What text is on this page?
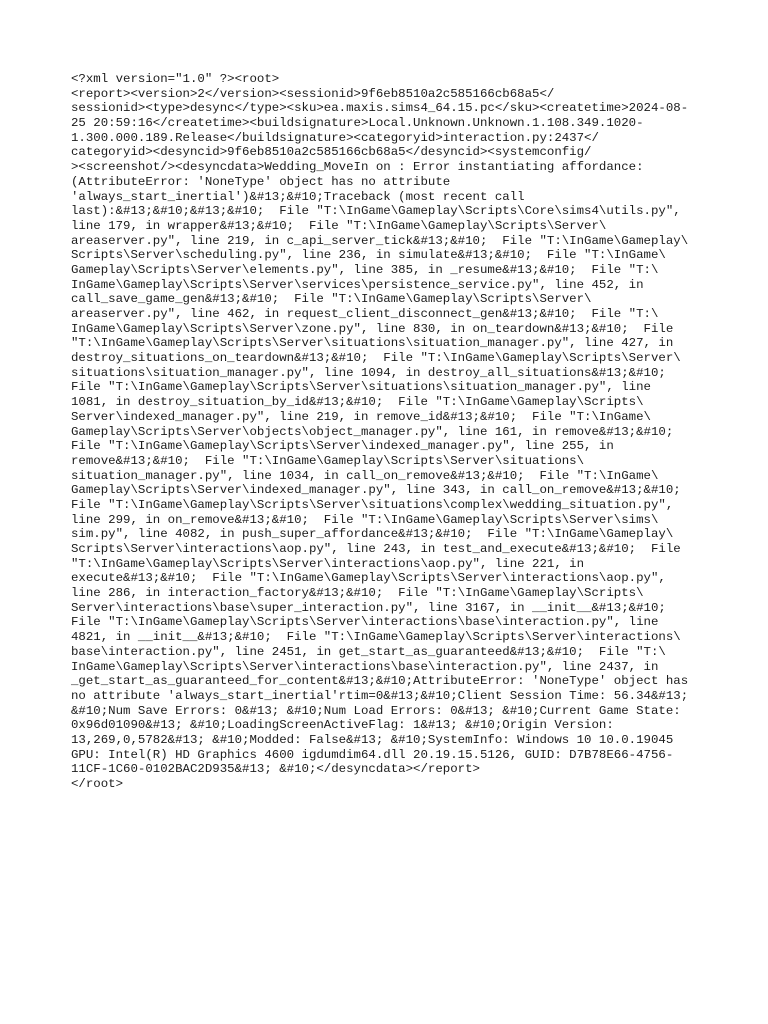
<?xml version="1.0" ?><root>
<report><version>2</version><sessionid>9f6eb8510a2c585166cb68a5</
sessionid><type>desync</type><sku>ea.maxis.sims4_64.15.pc</sku><createtime>2024-08-
25 20:59:16</createtime><buildsignature>Local.Unknown.Unknown.1.108.349.1020-
1.300.000.189.Release</buildsignature><categoryid>interaction.py:2437</
categoryid><desyncid>9f6eb8510a2c585166cb68a5</desyncid><systemconfig/
><screenshot/><desyncdata>Wedding_MoveIn on : Error instantiating affordance:
(AttributeError: 'NoneType' object has no attribute
'always_start_inertial')&#13;&#10;Traceback (most recent call
last):&#13;&#10;&#13;&#10;  File "T:\InGame\Gameplay\Scripts\Core\sims4\utils.py",
line 179, in wrapper&#13;&#10;  File "T:\InGame\Gameplay\Scripts\Server\
areaserver.py", line 219, in c_api_server_tick&#13;&#10;  File "T:\InGame\Gameplay\
Scripts\Server\scheduling.py", line 236, in simulate&#13;&#10;  File "T:\InGame\
Gameplay\Scripts\Server\elements.py", line 385, in _resume&#13;&#10;  File "T:\
InGame\Gameplay\Scripts\Server\services\persistence_service.py", line 452, in
call_save_game_gen&#13;&#10;  File "T:\InGame\Gameplay\Scripts\Server\
areaserver.py", line 462, in request_client_disconnect_gen&#13;&#10;  File "T:\
InGame\Gameplay\Scripts\Server\zone.py", line 830, in on_teardown&#13;&#10;  File
"T:\InGame\Gameplay\Scripts\Server\situations\situation_manager.py", line 427, in
destroy_situations_on_teardown&#13;&#10;  File "T:\InGame\Gameplay\Scripts\Server\
situations\situation_manager.py", line 1094, in destroy_all_situations&#13;&#10;
File "T:\InGame\Gameplay\Scripts\Server\situations\situation_manager.py", line
1081, in destroy_situation_by_id&#13;&#10;  File "T:\InGame\Gameplay\Scripts\
Server\indexed_manager.py", line 219, in remove_id&#13;&#10;  File "T:\InGame\
Gameplay\Scripts\Server\objects\object_manager.py", line 161, in remove&#13;&#10;
File "T:\InGame\Gameplay\Scripts\Server\indexed_manager.py", line 255, in
remove&#13;&#10;  File "T:\InGame\Gameplay\Scripts\Server\situations\
situation_manager.py", line 1034, in call_on_remove&#13;&#10;  File "T:\InGame\
Gameplay\Scripts\Server\indexed_manager.py", line 343, in call_on_remove&#13;&#10;
File "T:\InGame\Gameplay\Scripts\Server\situations\complex\wedding_situation.py",
line 299, in on_remove&#13;&#10;  File "T:\InGame\Gameplay\Scripts\Server\sims\
sim.py", line 4082, in push_super_affordance&#13;&#10;  File "T:\InGame\Gameplay\
Scripts\Server\interactions\aop.py", line 243, in test_and_execute&#13;&#10;  File
"T:\InGame\Gameplay\Scripts\Server\interactions\aop.py", line 221, in
execute&#13;&#10;  File "T:\InGame\Gameplay\Scripts\Server\interactions\aop.py",
line 286, in interaction_factory&#13;&#10;  File "T:\InGame\Gameplay\Scripts\
Server\interactions\base\super_interaction.py", line 3167, in __init__&#13;&#10;
File "T:\InGame\Gameplay\Scripts\Server\interactions\base\interaction.py", line
4821, in __init__&#13;&#10;  File "T:\InGame\Gameplay\Scripts\Server\interactions\
base\interaction.py", line 2451, in get_start_as_guaranteed&#13;&#10;  File "T:\
InGame\Gameplay\Scripts\Server\interactions\base\interaction.py", line 2437, in
_get_start_as_guaranteed_for_content&#13;&#10;AttributeError: 'NoneType' object has
no attribute 'always_start_inertial'rtim=0&#13;&#10;Client Session Time: 56.34&#13;
&#10;Num Save Errors: 0&#13; &#10;Num Load Errors: 0&#13; &#10;Current Game State:
0x96d01090&#13; &#10;LoadingScreenActiveFlag: 1&#13; &#10;Origin Version:
13,269,0,5782&#13; &#10;Modded: False&#13; &#10;SystemInfo: Windows 10 10.0.19045
GPU: Intel(R) HD Graphics 4600 igdumdim64.dll 20.19.15.5126, GUID: D7B78E66-4756-
11CF-1C60-0102BAC2D935&#13; &#10;</desyncdata></report>
</root>
